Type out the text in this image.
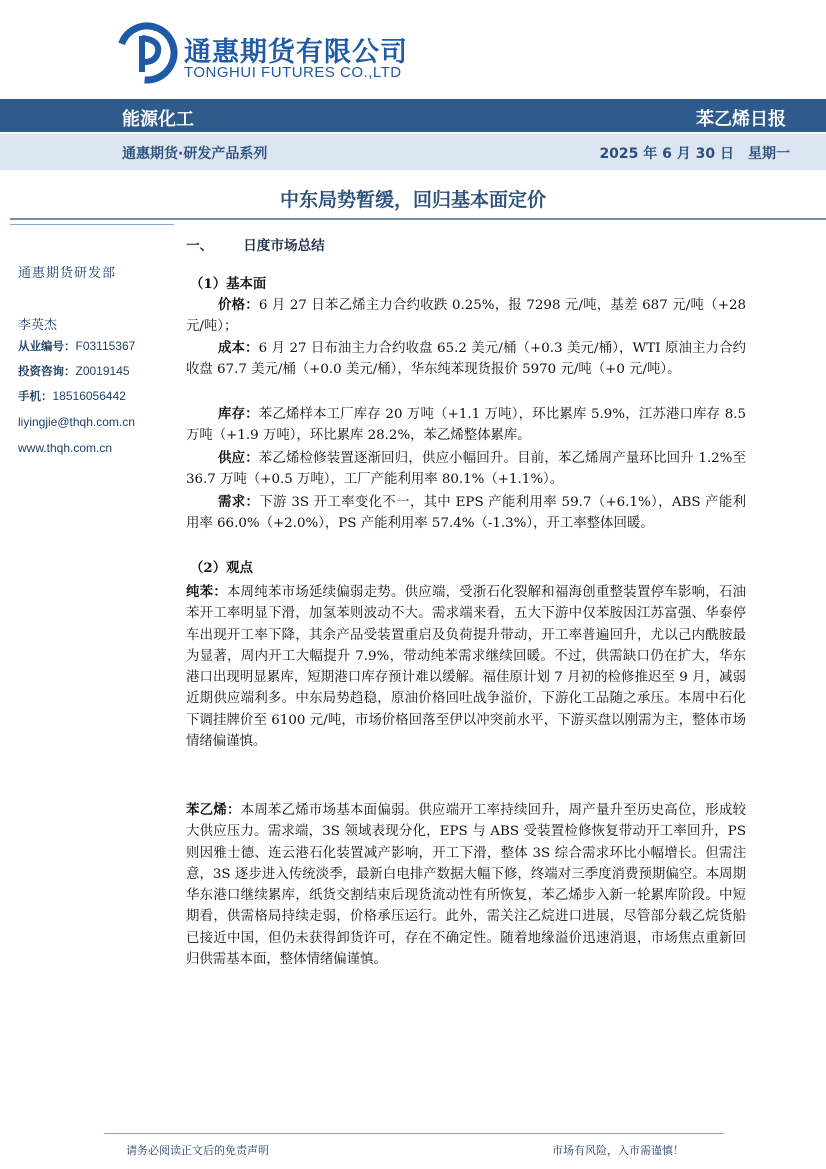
通惠期货有限公司
TONGHUI FUTURES CO.,LTD
能源化工	苯乙烯日报
通惠期货·研发产品系列	2025 年 6 月 30 日　星期一
中东局势暂缓，回归基本面定价
通惠期货研发部
李英杰
从业编号：F03115367
投资咨询：Z0019145
手机：18516056442
liyingjie@thqh.com.cn
www.thqh.com.cn
一、 日度市场总结
（1）基本面
价格：6 月 27 日苯乙烯主力合约收跌 0.25%，报 7298 元/吨，基差 687 元/吨（+28 元/吨）；
成本：6 月 27 日布油主力合约收盘 65.2 美元/桶（+0.3 美元/桶），WTI 原油主力合约收盘 67.7 美元/桶（+0.0 美元/桶），华东纯苯现货报价 5970 元/吨（+0 元/吨）。
库存：苯乙烯样本工厂库存 20 万吨（+1.1 万吨），环比累库 5.9%，江苏港口库存 8.5 万吨（+1.9 万吨），环比累库 28.2%，苯乙烯整体累库。
供应：苯乙烯检修装置逐渐回归，供应小幅回升。目前，苯乙烯周产量环比回升 1.2%至 36.7 万吨（+0.5 万吨），工厂产能利用率 80.1%（+1.1%）。
需求：下游 3S 开工率变化不一，其中 EPS 产能利用率 59.7（+6.1%），ABS 产能利用率 66.0%（+2.0%），PS 产能利用率 57.4%（-1.3%），开工率整体回暖。
（2）观点
纯苯：本周纯苯市场延续偏弱走势。供应端，受浙石化裂解和福海创重整装置停车影响，石油苯开工率明显下滑，加氢苯则波动不大。需求端来看，五大下游中仅苯胺因江苏富强、华泰停车出现开工率下降，其余产品受装置重启及负荷提升带动，开工率普遍回升，尤以己内酰胺最为显著，周内开工大幅提升 7.9%，带动纯苯需求继续回暖。不过，供需缺口仍在扩大，华东港口出现明显累库，短期港口库存预计难以缓解。福佳原计划 7 月初的检修推迟至 9 月，减弱近期供应端利多。中东局势趋稳，原油价格回吐战争溢价，下游化工品随之承压。本周中石化下调挂牌价至 6100 元/吨，市场价格回落至伊以冲突前水平，下游买盘以刚需为主，整体市场情绪偏谨慎。
苯乙烯：本周苯乙烯市场基本面偏弱。供应端开工率持续回升，周产量升至历史高位，形成较大供应压力。需求端，3S 领域表现分化，EPS 与 ABS 受装置检修恢复带动开工率回升，PS 则因雅士德、连云港石化装置减产影响，开工下滑，整体 3S 综合需求环比小幅增长。但需注意，3S 逐步进入传统淡季，最新白电排产数据大幅下修，终端对三季度消费预期偏空。本周期华东港口继续累库，纸货交割结束后现货流动性有所恢复，苯乙烯步入新一轮累库阶段。中短期看，供需格局持续走弱，价格承压运行。此外，需关注乙烷进口进展，尽管部分载乙烷货船已接近中国，但仍未获得卸货许可，存在不确定性。随着地缘溢价迅速消退，市场焦点重新回归供需基本面，整体情绪偏谨慎。
请务必阅读正文后的免责声明	市场有风险，入市需谨慎！
